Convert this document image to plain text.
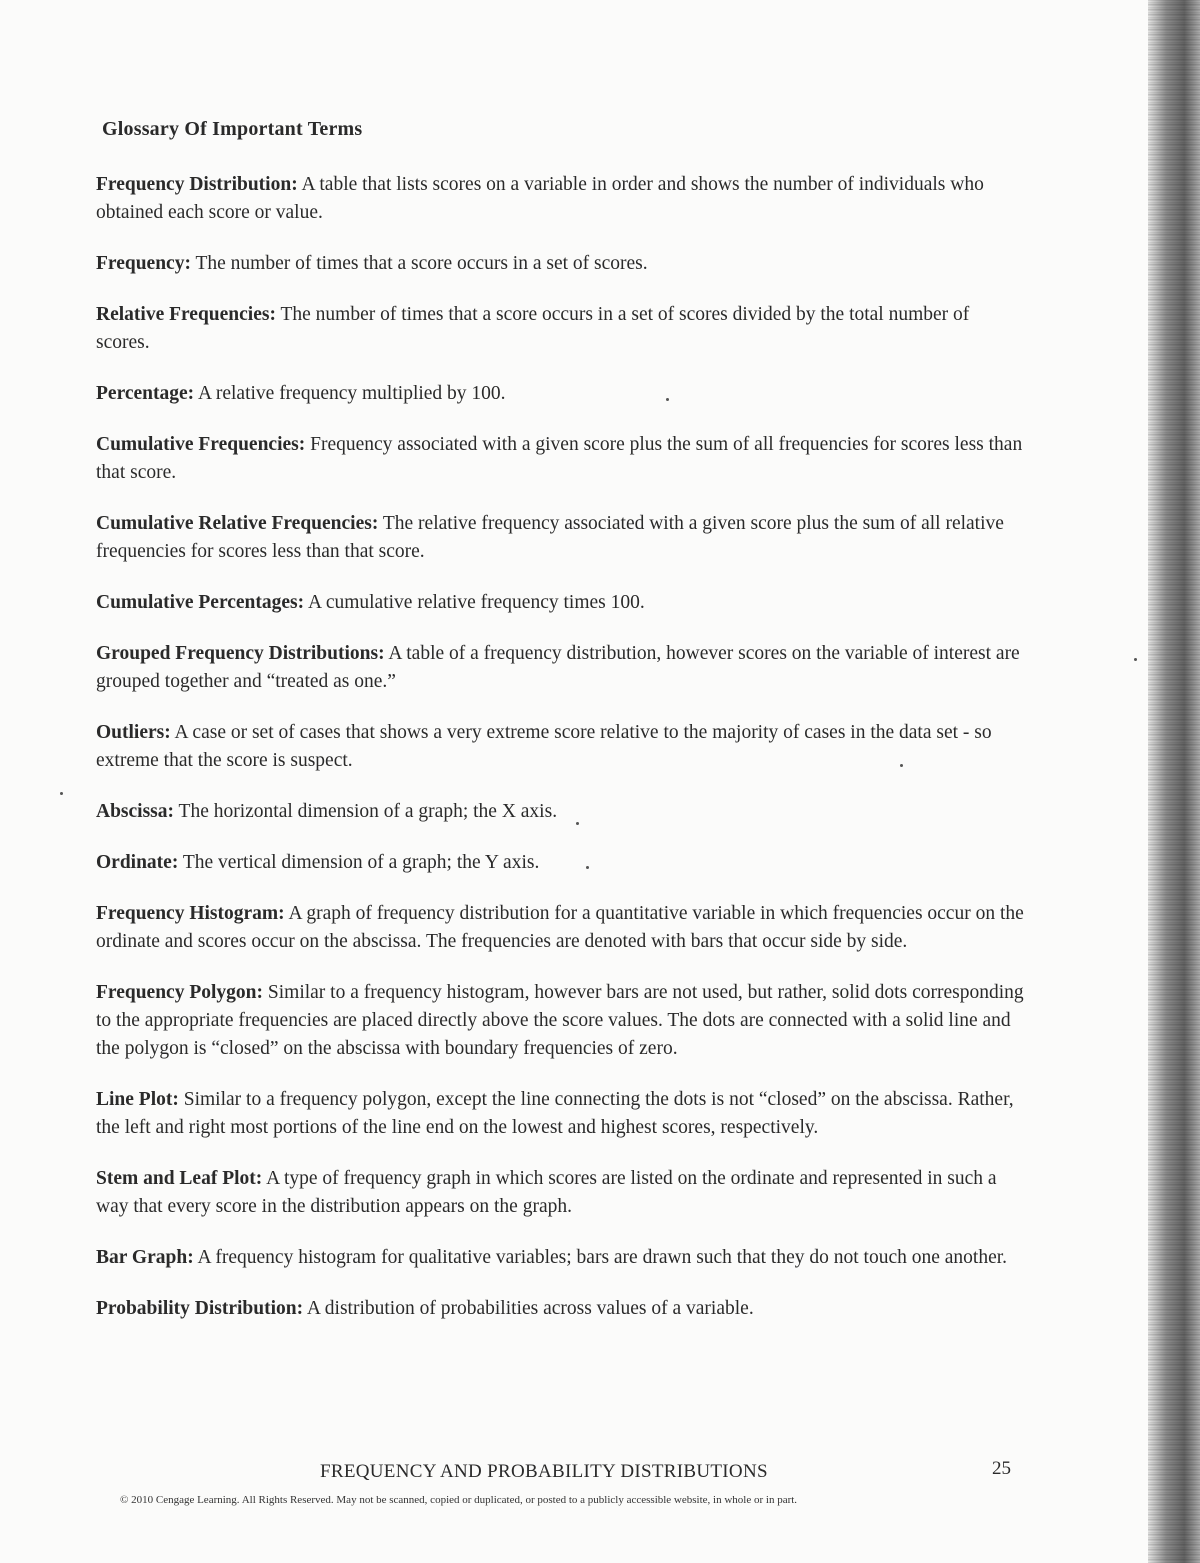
Glossary Of Important Terms

Frequency Distribution: A table that lists scores on a variable in order and shows the number of individuals who obtained each score or value.

Frequency: The number of times that a score occurs in a set of scores.

Relative Frequencies: The number of times that a score occurs in a set of scores divided by the total number of scores.

Percentage: A relative frequency multiplied by 100.

Cumulative Frequencies: Frequency associated with a given score plus the sum of all frequencies for scores less than that score.

Cumulative Relative Frequencies: The relative frequency associated with a given score plus the sum of all relative frequencies for scores less than that score.

Cumulative Percentages: A cumulative relative frequency times 100.

Grouped Frequency Distributions: A table of a frequency distribution, however scores on the variable of interest are grouped together and “treated as one.”

Outliers: A case or set of cases that shows a very extreme score relative to the majority of cases in the data set - so extreme that the score is suspect.

Abscissa: The horizontal dimension of a graph; the X axis.

Ordinate: The vertical dimension of a graph; the Y axis.

Frequency Histogram: A graph of frequency distribution for a quantitative variable in which frequencies occur on the ordinate and scores occur on the abscissa. The frequencies are denoted with bars that occur side by side.

Frequency Polygon: Similar to a frequency histogram, however bars are not used, but rather, solid dots corresponding to the appropriate frequencies are placed directly above the score values. The dots are connected with a solid line and the polygon is “closed” on the abscissa with boundary frequencies of zero.

Line Plot: Similar to a frequency polygon, except the line connecting the dots is not “closed” on the abscissa. Rather, the left and right most portions of the line end on the lowest and highest scores, respectively.

Stem and Leaf Plot: A type of frequency graph in which scores are listed on the ordinate and represented in such a way that every score in the distribution appears on the graph.

Bar Graph: A frequency histogram for qualitative variables; bars are drawn such that they do not touch one another.

Probability Distribution: A distribution of probabilities across values of a variable.

FREQUENCY AND PROBABILITY DISTRIBUTIONS	25
© 2010 Cengage Learning. All Rights Reserved. May not be scanned, copied or duplicated, or posted to a publicly accessible website, in whole or in part.
